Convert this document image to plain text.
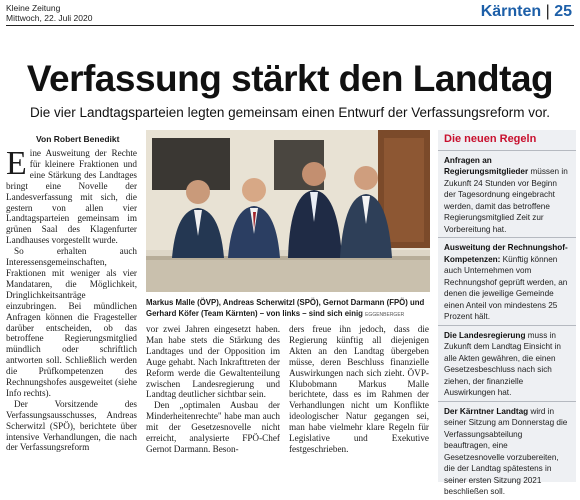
Kleine Zeitung
Mittwoch, 22. Juli 2020	Kärnten | 25
Verfassung stärkt den Landtag
Die vier Landtagsparteien legten gemeinsam einen Entwurf der Verfassungsreform vor.
Von Robert Benedikt

Eine Ausweitung der Rechte für kleinere Fraktionen und eine Stärkung des Landtages bringt eine Novelle der Landesverfassung mit sich, die gestern von allen vier Landtagsparteien gemeinsam im grünen Saal des Klagenfurter Landhauses vorgestellt wurde.

So erhalten auch Interessensgemeinschaften, Fraktionen mit weniger als vier Mandataren, die Möglichkeit, Dringlichkeitsanträge einzubringen. Bei mündlichen Anfragen können die Fragesteller darüber entscheiden, ob das betroffene Regierungsmitglied mündlich oder schriftlich antworten soll. Schließlich werden die Prüfkompetenzen des Rechnungshofes ausgeweitet (siehe Info rechts).

Der Vorsitzende des Verfassungsausschusses, Andreas Scherwitzl (SPÖ), berichtete über intensive Verhandlungen, die nach der Verfassungsreform

Markus Malle (ÖVP), Andreas Scherwitzl (SPÖ), Gernot Darmann (FPÖ) und Gerhard Köfer (Team Kärnten) – von links – sind sich einig EGGENBERGER

vor zwei Jahren eingesetzt haben. Man habe stets die Stärkung des Landtages und der Opposition im Auge gehabt. Nach Inkrafttreten der Reform werde die Gewaltenteilung zwischen Landesregierung und Landtag deutlicher sichtbar sein.

Den „optimalen Ausbau der Minderheitenrechte" habe man auch mit der Gesetzesnovelle nicht erreicht, analysierte FPÖ-Chef Gernot Darmann. Beson-

ders freue ihn jedoch, dass die Regierung künftig all diejenigen Akten an den Landtag übergeben müsse, deren Beschluss finanzielle Auswirkungen nach sich zieht. ÖVP-Klubobmann Markus Malle berichtete, dass es im Rahmen der Verhandlungen nicht um Konflikte ideologischer Natur gegangen sei, man habe vielmehr klare Regeln für Legislative und Exekutive festgeschrieben.

Die neuen Regeln
Anfragen an Regierungsmitglieder müssen in Zukunft 24 Stunden vor Beginn der Tagesordnung eingebracht werden, damit das betroffene Regierungsmitglied Zeit zur Vorbereitung hat.
Ausweitung der Rechnungshof-Kompetenzen: Künftig können auch Unternehmen vom Rechnungshof geprüft werden, an denen die jeweilige Gemeinde einen Anteil von mindestens 25 Prozent hält.
Die Landesregierung muss in Zukunft dem Landtag Einsicht in alle Akten gewähren, die einen Gesetzesbeschluss nach sich ziehen, der finanzielle Auswirkungen hat.
Der Kärntner Landtag wird in seiner Sitzung am Donnerstag die Verfassungsabteilung beauftragen, eine Gesetzesnovelle vorzubereiten, die der Landtag spätestens in seiner ersten Sitzung 2021 beschließen soll.
